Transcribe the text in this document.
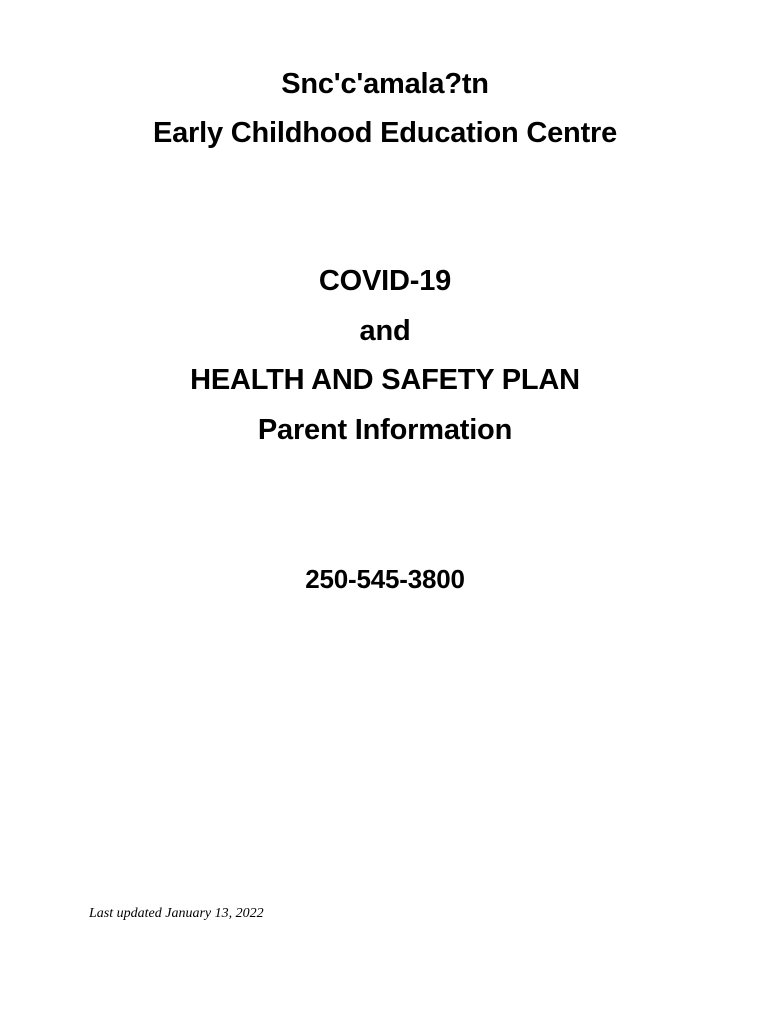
Snc'c'amala?tn
Early Childhood Education Centre
COVID-19
and
HEALTH AND SAFETY PLAN
Parent Information
250-545-3800
Last updated January 13, 2022
